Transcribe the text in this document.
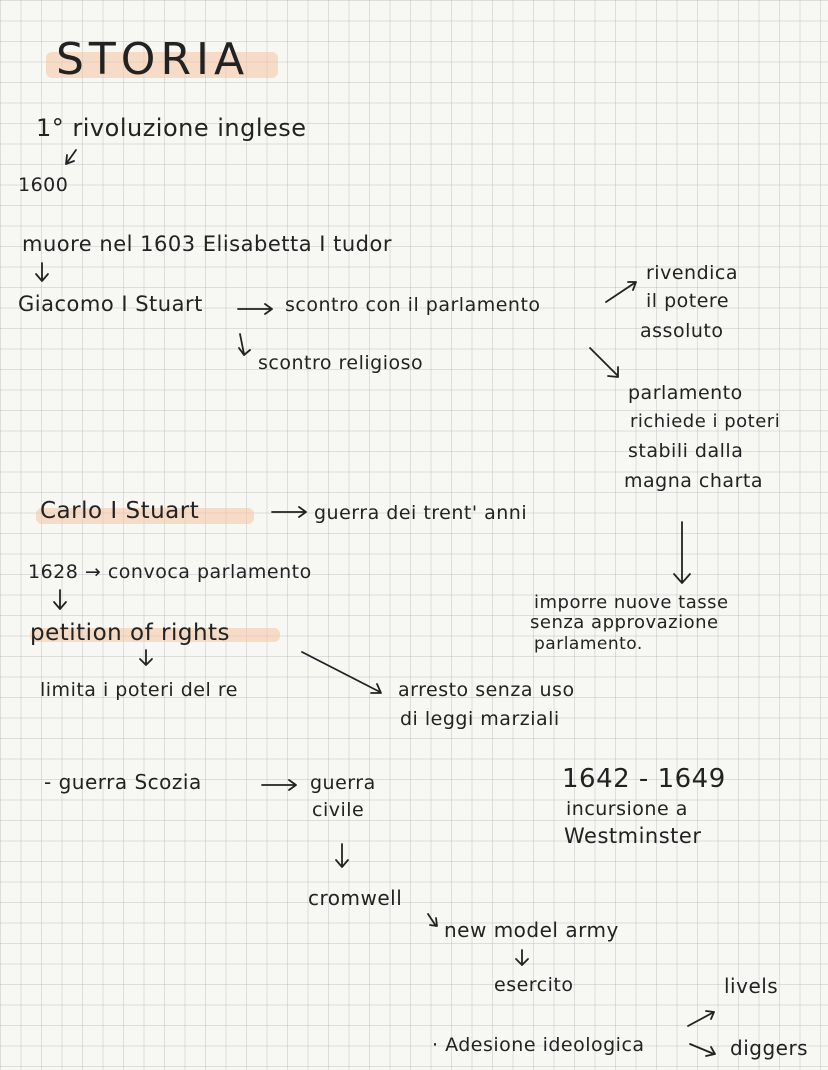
STORIA
1° rivoluzione inglese
1600
muore nel 1603 Elisabetta I tudor
Giacomo I Stuart	scontro con il parlamento
rivendica
il potere
assoluto
scontro religioso
parlamento
richiede i poteri
stabili dalla
magna charta
Carlo I Stuart	guerra dei trent' anni
1628 → convoca parlamento
imporre nuove tasse
senza approvazione
parlamento.
petition of rights
limita i poteri del re	arresto senza uso
di leggi marziali
- guerra Scozia	guerra
civile
1642 - 1649
incursione a
Westminster
cromwell
new model army
esercito	livels
· Adesione ideologica	diggers
